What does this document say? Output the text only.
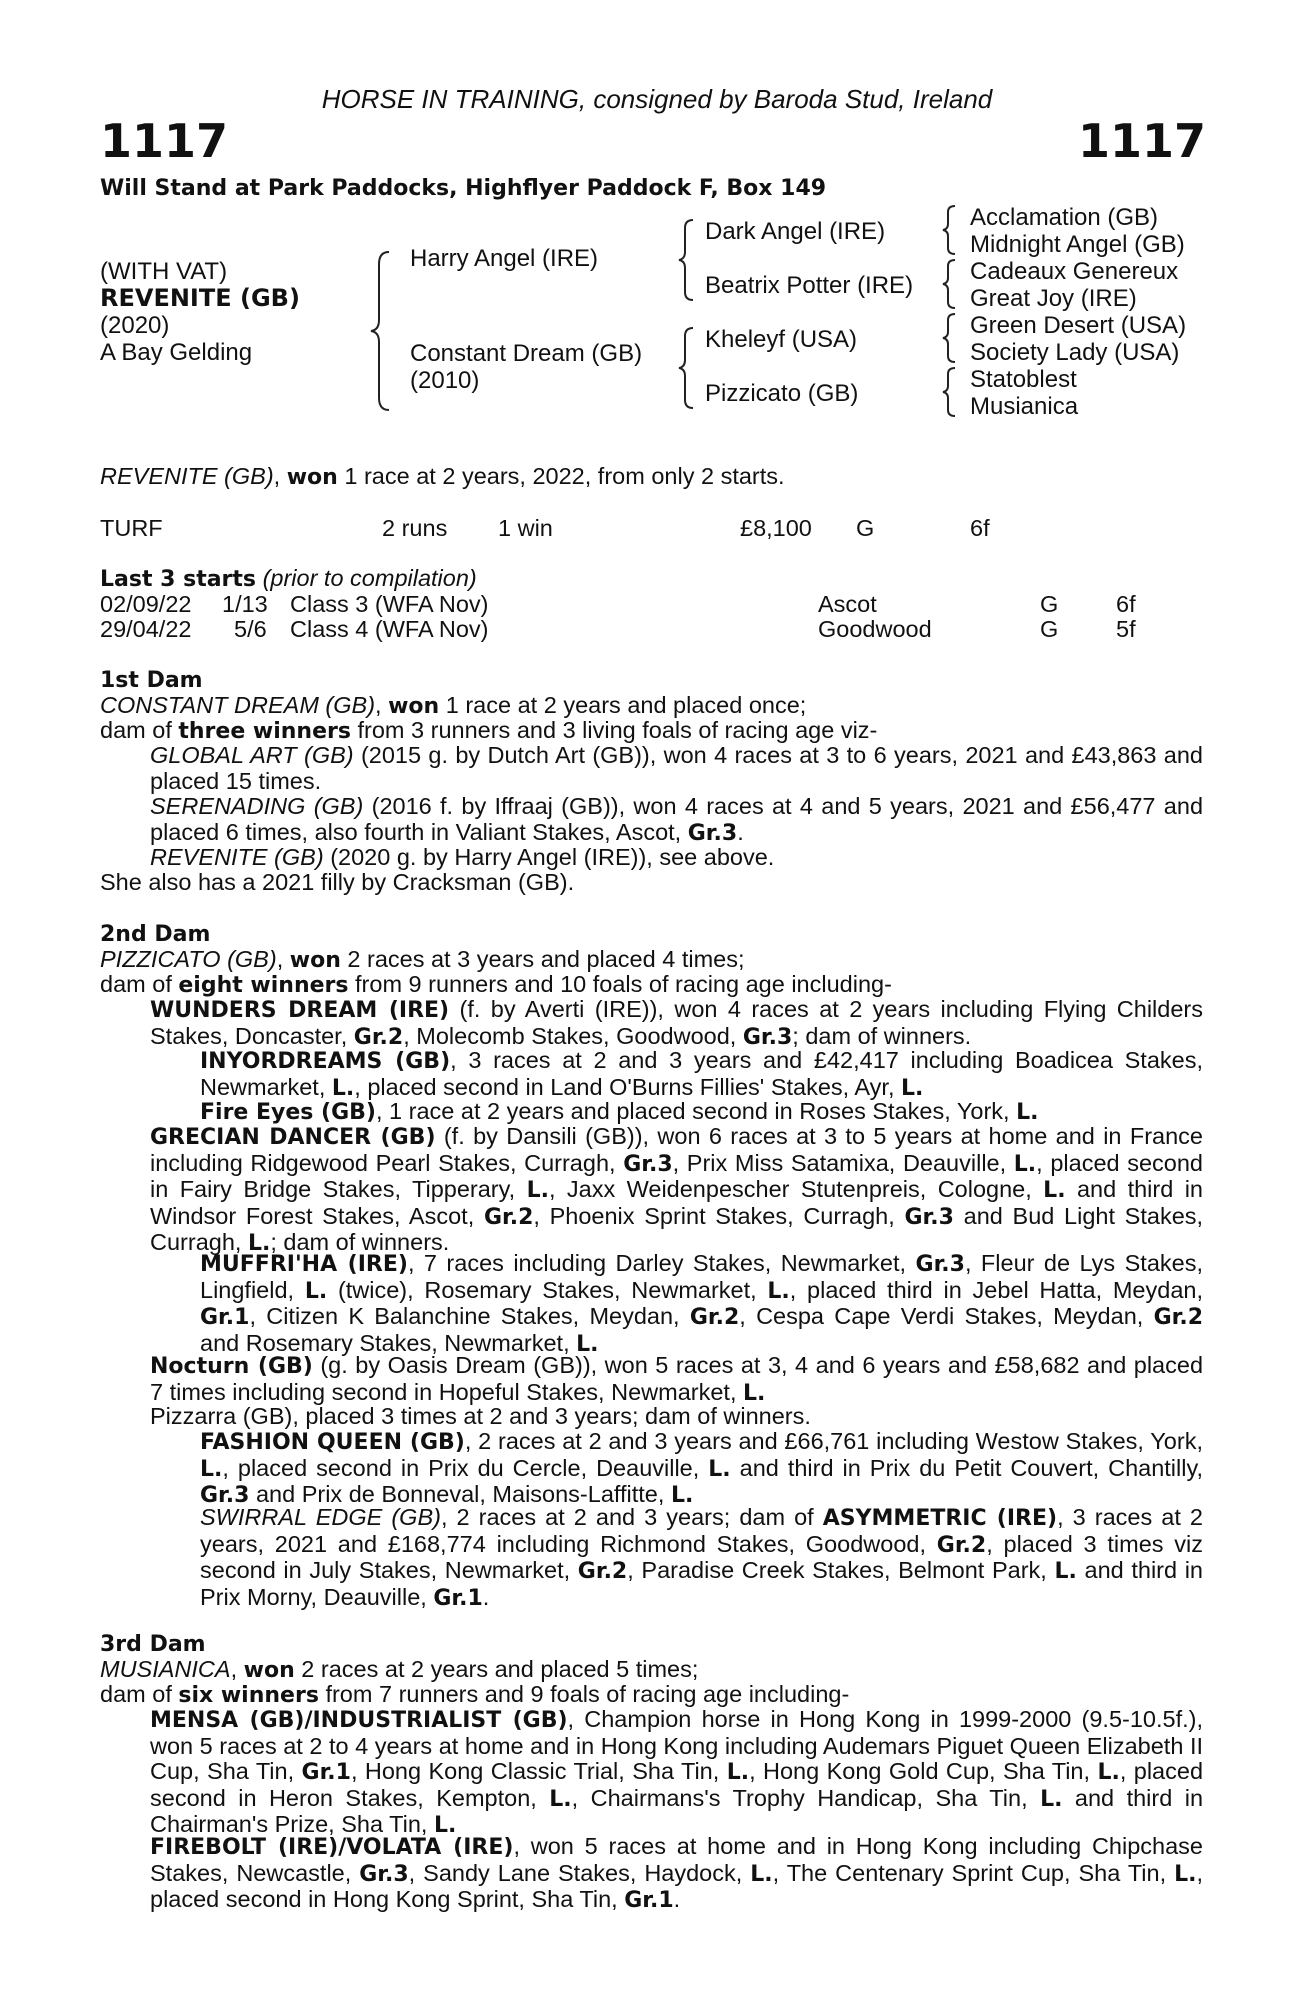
HORSE IN TRAINING, consigned by Baroda Stud, Ireland
1117	1117
Will Stand at Park Paddocks, Highflyer Paddock F, Box 149
(WITH VAT)
REVENITE (GB)
(2020)
A Bay Gelding
Harry Angel (IRE)
Constant Dream (GB)
(2010)
Dark Angel (IRE)
Beatrix Potter (IRE)
Kheleyf (USA)
Pizzicato (GB)
Acclamation (GB)
Midnight Angel (GB)
Cadeaux Genereux
Great Joy (IRE)
Green Desert (USA)
Society Lady (USA)
Statoblest
Musianica
REVENITE (GB), won 1 race at 2 years, 2022, from only 2 starts.
TURF	2 runs 1 win	£8,100 G	6f
Last 3 starts (prior to compilation)
02/09/22 1/13 Class 3 (WFA Nov)	Ascot	G 6f
29/04/22 5/6 Class 4 (WFA Nov)	Goodwood	G 5f
1st Dam
CONSTANT DREAM (GB), won 1 race at 2 years and placed once;
dam of three winners from 3 runners and 3 living foals of racing age viz-
GLOBAL ART (GB) (2015 g. by Dutch Art (GB)), won 4 races at 3 to 6 years, 2021 and £43,863 and placed 15 times.
SERENADING (GB) (2016 f. by Iffraaj (GB)), won 4 races at 4 and 5 years, 2021 and £56,477 and placed 6 times, also fourth in Valiant Stakes, Ascot, Gr.3.
REVENITE (GB) (2020 g. by Harry Angel (IRE)), see above.
She also has a 2021 filly by Cracksman (GB).
2nd Dam
PIZZICATO (GB), won 2 races at 3 years and placed 4 times;
dam of eight winners from 9 runners and 10 foals of racing age including-
WUNDERS DREAM (IRE) (f. by Averti (IRE)), won 4 races at 2 years including Flying Childers Stakes, Doncaster, Gr.2, Molecomb Stakes, Goodwood, Gr.3; dam of winners.
INYORDREAMS (GB), 3 races at 2 and 3 years and £42,417 including Boadicea Stakes, Newmarket, L., placed second in Land O'Burns Fillies' Stakes, Ayr, L.
Fire Eyes (GB), 1 race at 2 years and placed second in Roses Stakes, York, L.
GRECIAN DANCER (GB) (f. by Dansili (GB)), won 6 races at 3 to 5 years at home and in France including Ridgewood Pearl Stakes, Curragh, Gr.3, Prix Miss Satamixa, Deauville, L., placed second in Fairy Bridge Stakes, Tipperary, L., Jaxx Weidenpescher Stutenpreis, Cologne, L. and third in Windsor Forest Stakes, Ascot, Gr.2, Phoenix Sprint Stakes, Curragh, Gr.3 and Bud Light Stakes, Curragh, L.; dam of winners.
MUFFRI'HA (IRE), 7 races including Darley Stakes, Newmarket, Gr.3, Fleur de Lys Stakes, Lingfield, L. (twice), Rosemary Stakes, Newmarket, L., placed third in Jebel Hatta, Meydan, Gr.1, Citizen K Balanchine Stakes, Meydan, Gr.2, Cespa Cape Verdi Stakes, Meydan, Gr.2 and Rosemary Stakes, Newmarket, L.
Nocturn (GB) (g. by Oasis Dream (GB)), won 5 races at 3, 4 and 6 years and £58,682 and placed 7 times including second in Hopeful Stakes, Newmarket, L.
Pizzarra (GB), placed 3 times at 2 and 3 years; dam of winners.
FASHION QUEEN (GB), 2 races at 2 and 3 years and £66,761 including Westow Stakes, York, L., placed second in Prix du Cercle, Deauville, L. and third in Prix du Petit Couvert, Chantilly, Gr.3 and Prix de Bonneval, Maisons-Laffitte, L.
SWIRRAL EDGE (GB), 2 races at 2 and 3 years; dam of ASYMMETRIC (IRE), 3 races at 2 years, 2021 and £168,774 including Richmond Stakes, Goodwood, Gr.2, placed 3 times viz second in July Stakes, Newmarket, Gr.2, Paradise Creek Stakes, Belmont Park, L. and third in Prix Morny, Deauville, Gr.1.
3rd Dam
MUSIANICA, won 2 races at 2 years and placed 5 times;
dam of six winners from 7 runners and 9 foals of racing age including-
MENSA (GB)/INDUSTRIALIST (GB), Champion horse in Hong Kong in 1999-2000 (9.5-10.5f.), won 5 races at 2 to 4 years at home and in Hong Kong including Audemars Piguet Queen Elizabeth II Cup, Sha Tin, Gr.1, Hong Kong Classic Trial, Sha Tin, L., Hong Kong Gold Cup, Sha Tin, L., placed second in Heron Stakes, Kempton, L., Chairmans's Trophy Handicap, Sha Tin, L. and third in Chairman's Prize, Sha Tin, L.
FIREBOLT (IRE)/VOLATA (IRE), won 5 races at home and in Hong Kong including Chipchase Stakes, Newcastle, Gr.3, Sandy Lane Stakes, Haydock, L., The Centenary Sprint Cup, Sha Tin, L., placed second in Hong Kong Sprint, Sha Tin, Gr.1.
